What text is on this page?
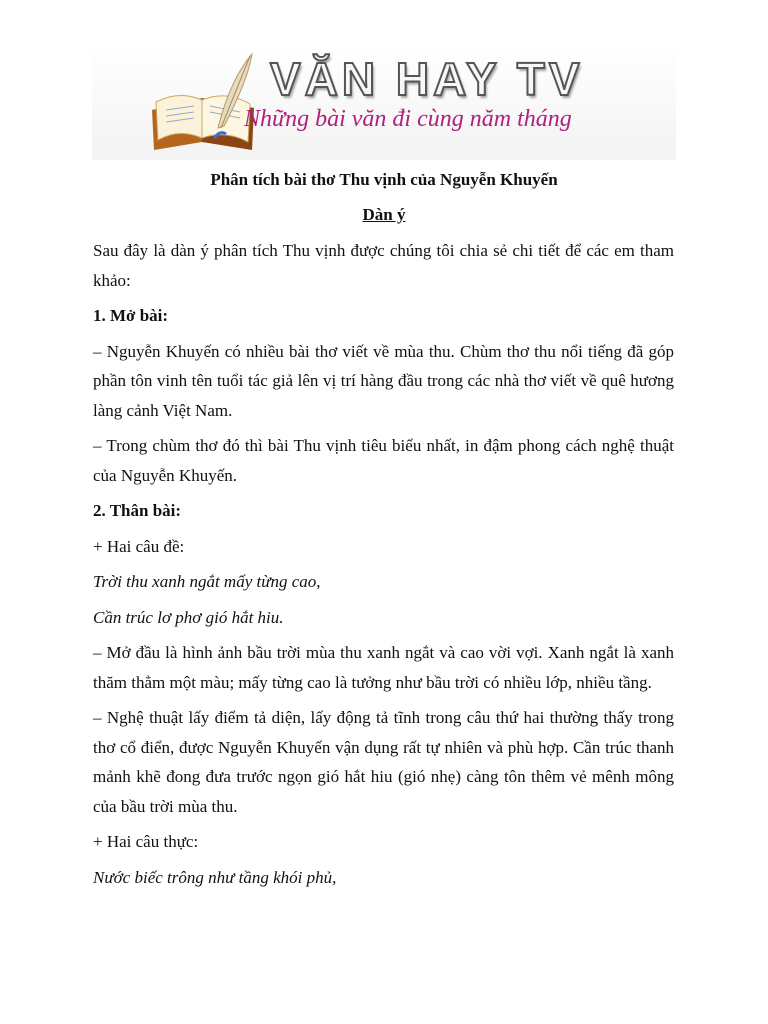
VĂN HAY TV
Những bài văn đi cùng năm tháng
Phân tích bài thơ Thu vịnh của Nguyễn Khuyến
Dàn ý

Sau đây là dàn ý phân tích Thu vịnh được chúng tôi chia sẻ chi tiết để các em tham khảo:

1. Mở bài:

– Nguyễn Khuyến có nhiều bài thơ viết về mùa thu. Chùm thơ thu nổi tiếng đã góp phần tôn vinh tên tuổi tác giả lên vị trí hàng đầu trong các nhà thơ viết về quê hương làng cảnh Việt Nam.

– Trong chùm thơ đó thì bài Thu vịnh tiêu biểu nhất, in đậm phong cách nghệ thuật của Nguyễn Khuyến.

2. Thân bài:

+ Hai câu đề:

Trời thu xanh ngắt mấy từng cao,

Cần trúc lơ phơ gió hắt hiu.

– Mở đầu là hình ảnh bầu trời mùa thu xanh ngắt và cao vời vợi. Xanh ngắt là xanh thăm thẳm một màu; mấy từng cao là tưởng như bầu trời có nhiều lớp, nhiều tầng.

– Nghệ thuật lấy điểm tả diện, lấy động tả tĩnh trong câu thứ hai thường thấy trong thơ cổ điển, được Nguyễn Khuyến vận dụng rất tự nhiên và phù hợp. Cần trúc thanh mảnh khẽ đong đưa trước ngọn gió hắt hiu (gió nhẹ) càng tôn thêm vẻ mênh mông của bầu trời mùa thu.

+ Hai câu thực:

Nước biếc trông như tầng khói phủ,
